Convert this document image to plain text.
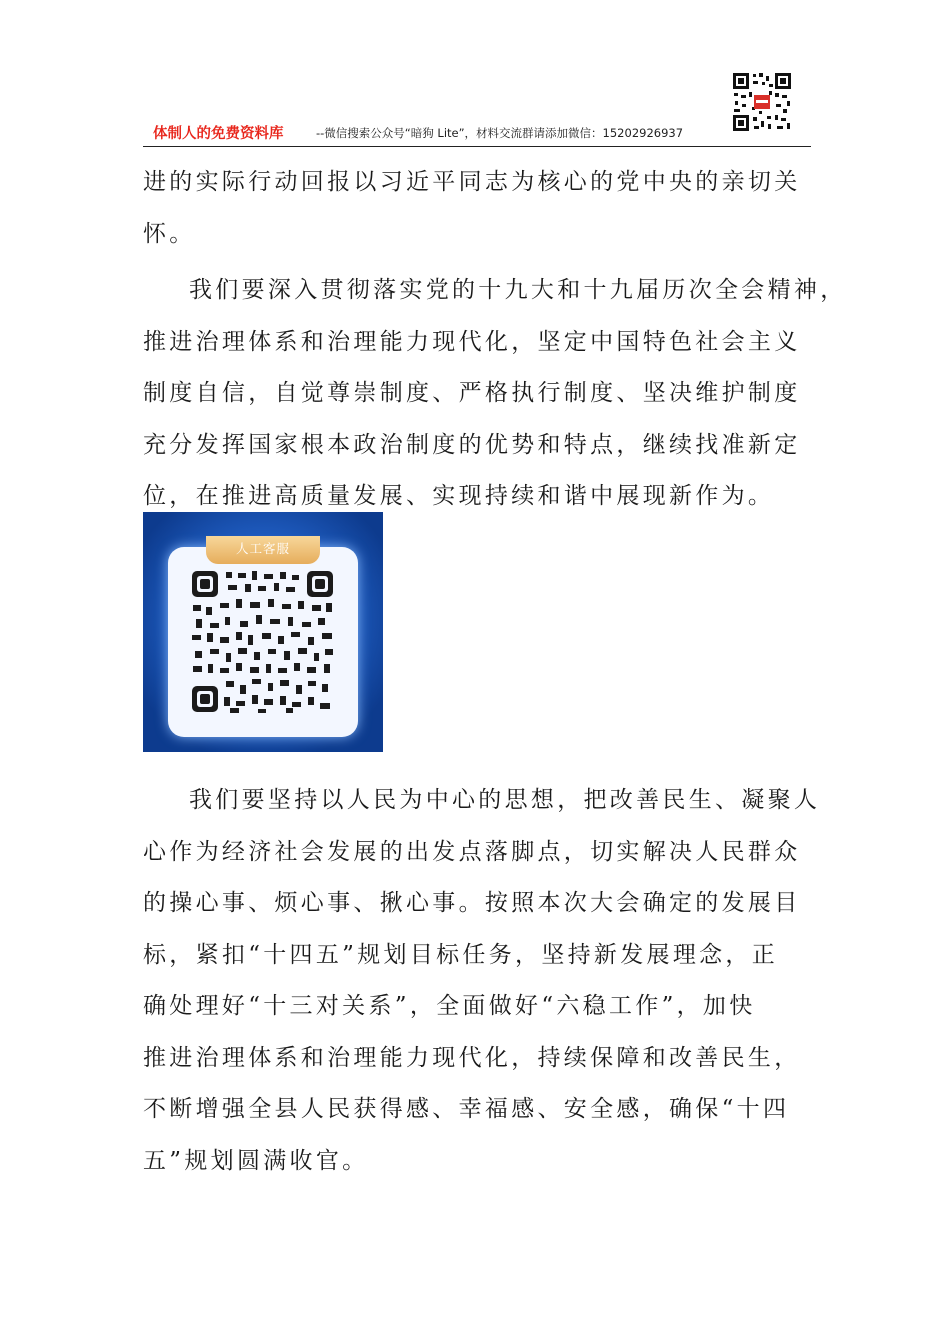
体制人的免费资料库	--微信搜索公众号“暗狗 Lite”，材料交流群请添加微信：15202926937
进的实际行动回报以习近平同志为核心的党中央的亲切关
怀。
我们要深入贯彻落实党的十九大和十九届历次全会精神，
推进治理体系和治理能力现代化，坚定中国特色社会主义
制度自信，自觉尊崇制度、严格执行制度、坚决维护制度
充分发挥国家根本政治制度的优势和特点，继续找准新定
位，在推进高质量发展、实现持续和谐中展现新作为。
人工客服
我们要坚持以人民为中心的思想，把改善民生、凝聚人
心作为经济社会发展的出发点落脚点，切实解决人民群众
的操心事、烦心事、揪心事。按照本次大会确定的发展目
标，紧扣“十四五”规划目标任务，坚持新发展理念，正
确处理好“十三对关系”，全面做好“六稳工作”，加快
推进治理体系和治理能力现代化，持续保障和改善民生，
不断增强全县人民获得感、幸福感、安全感，确保“十四
五”规划圆满收官。
